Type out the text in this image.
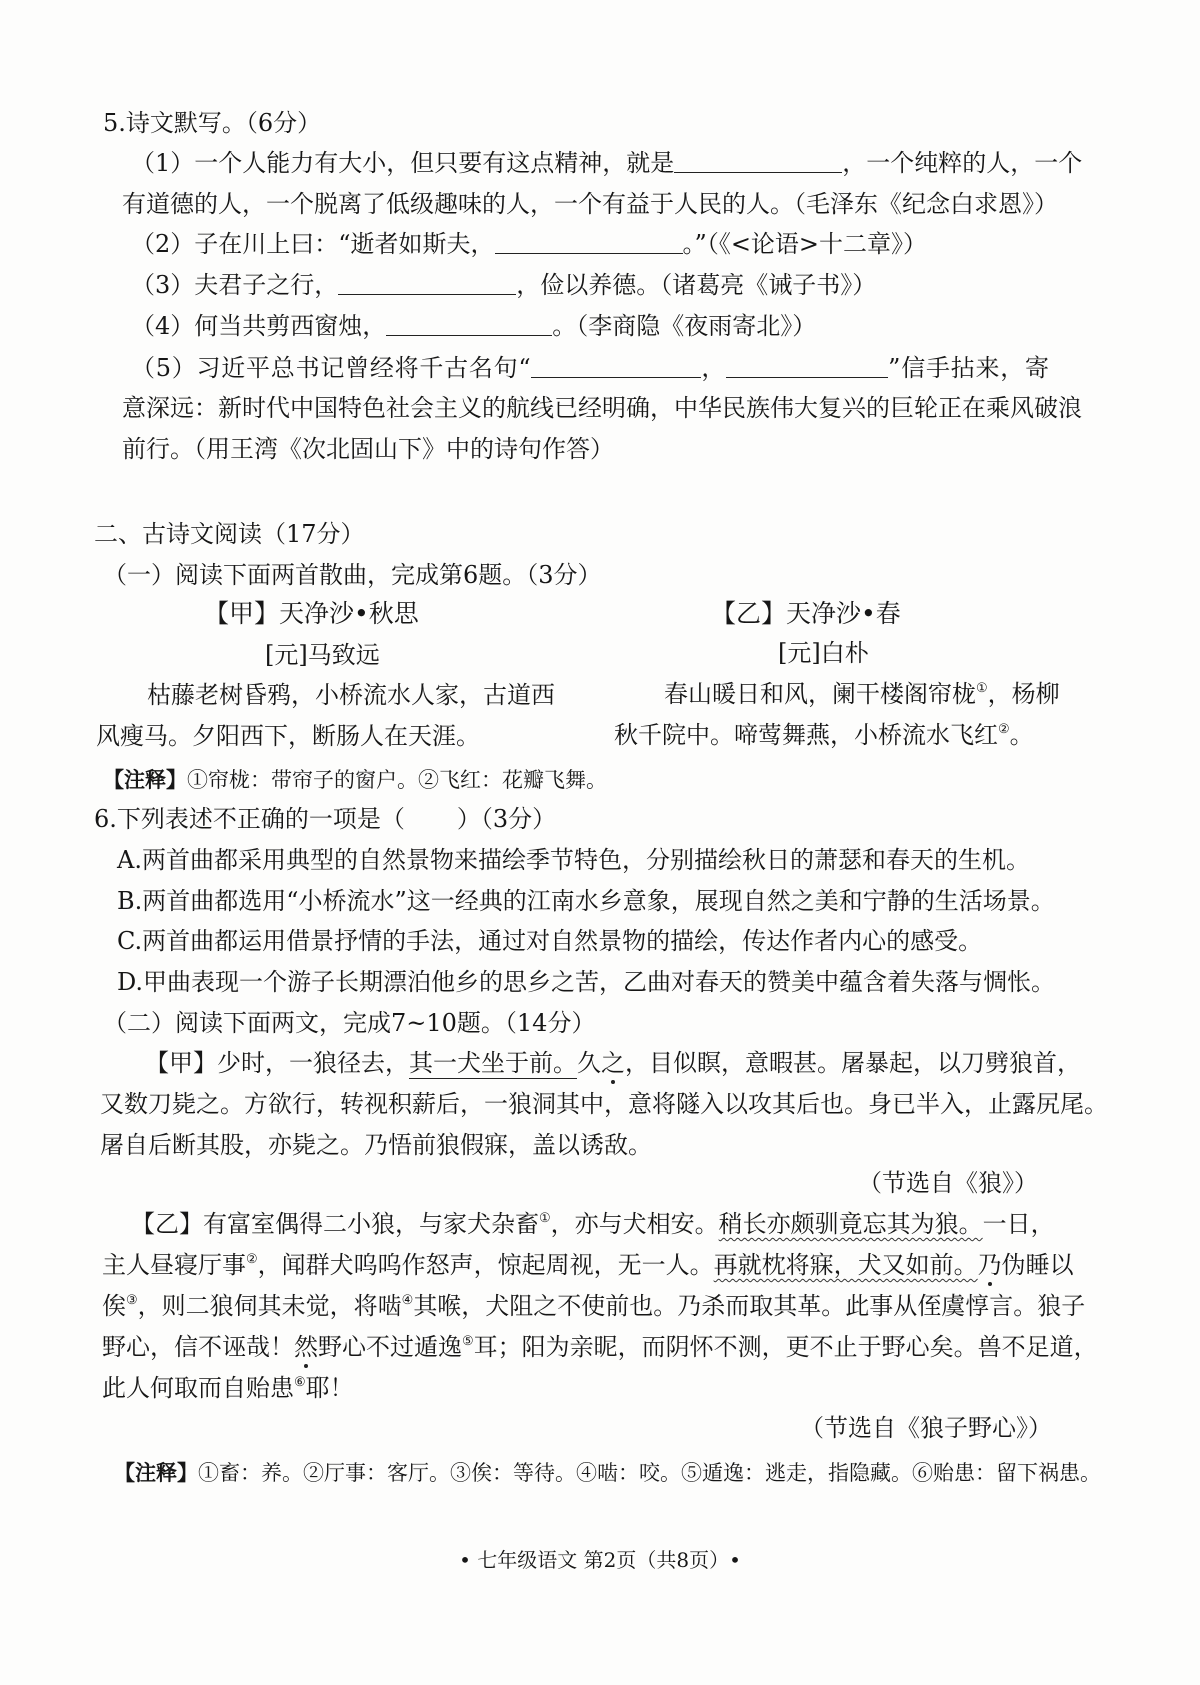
5.诗文默写。（6分）
（1）一个人能力有大小，但只要有这点精神，就是	，一个纯粹的人，一个
有道德的人，一个脱离了低级趣味的人，一个有益于人民的人。（毛泽东《纪念白求恩》）
（2）子在川上曰：“逝者如斯夫，	。”（《<论语>十二章》）
（3）夫君子之行，	，俭以养德。（诸葛亮《诫子书》）
（4）何当共剪西窗烛，	。（李商隐《夜雨寄北》）
（5）习近平总书记曾经将千古名句“	，	”信手拈来，寄
意深远：新时代中国特色社会主义的航线已经明确，中华民族伟大复兴的巨轮正在乘风破浪
前行。（用王湾《次北固山下》中的诗句作答）
二、古诗文阅读（17分）
（一）阅读下面两首散曲，完成第6题。（3分）
【甲】天净沙•秋思
[元]马致远
枯藤老树昏鸦，小桥流水人家，古道西
风瘦马。夕阳西下，断肠人在天涯。
【乙】天净沙•春
[元]白朴
春山暖日和风，阑干楼阁帘栊①，杨柳
秋千院中。啼莺舞燕，小桥流水飞红②。
【注释】①帘栊：带帘子的窗户。②飞红：花瓣飞舞。
6.下列表述不正确的一项是（ ）（3分）
A.两首曲都采用典型的自然景物来描绘季节特色，分别描绘秋日的萧瑟和春天的生机。
B.两首曲都选用“小桥流水”这一经典的江南水乡意象，展现自然之美和宁静的生活场景。
C.两首曲都运用借景抒情的手法，通过对自然景物的描绘，传达作者内心的感受。
D.甲曲表现一个游子长期漂泊他乡的思乡之苦，乙曲对春天的赞美中蕴含着失落与惆怅。
（二）阅读下面两文，完成7~10题。（14分）
【甲】少时，一狼径去，其一犬坐于前。久之，目似瞑，意暇甚。屠暴起，以刀劈狼首，
又数刀毙之。方欲行，转视积薪后，一狼洞其中，意将隧入以攻其后也。身已半入，止露尻尾。
屠自后断其股，亦毙之。乃悟前狼假寐，盖以诱敌。
（节选自《狼》）
【乙】有富室偶得二小狼，与家犬杂畜①，亦与犬相安。稍长亦颇驯竟忘其为狼。一日，
主人昼寝厅事②，闻群犬呜呜作怒声，惊起周视，无一人。再就枕将寐，犬又如前。乃伪睡以
俟③，则二狼伺其未觉，将啮④其喉，犬阻之不使前也。乃杀而取其革。此事从侄虞惇言。狼子
野心，信不诬哉！然野心不过遁逸⑤耳；阳为亲昵，而阴怀不测，更不止于野心矣。兽不足道，
此人何取而自贻患⑥耶！
（节选自《狼子野心》）
【注释】①畜：养。②厅事：客厅。③俟：等待。④啮：咬。⑤遁逸：逃走，指隐藏。⑥贻患：留下祸患。
• 七年级语文 第2页（共8页）•
